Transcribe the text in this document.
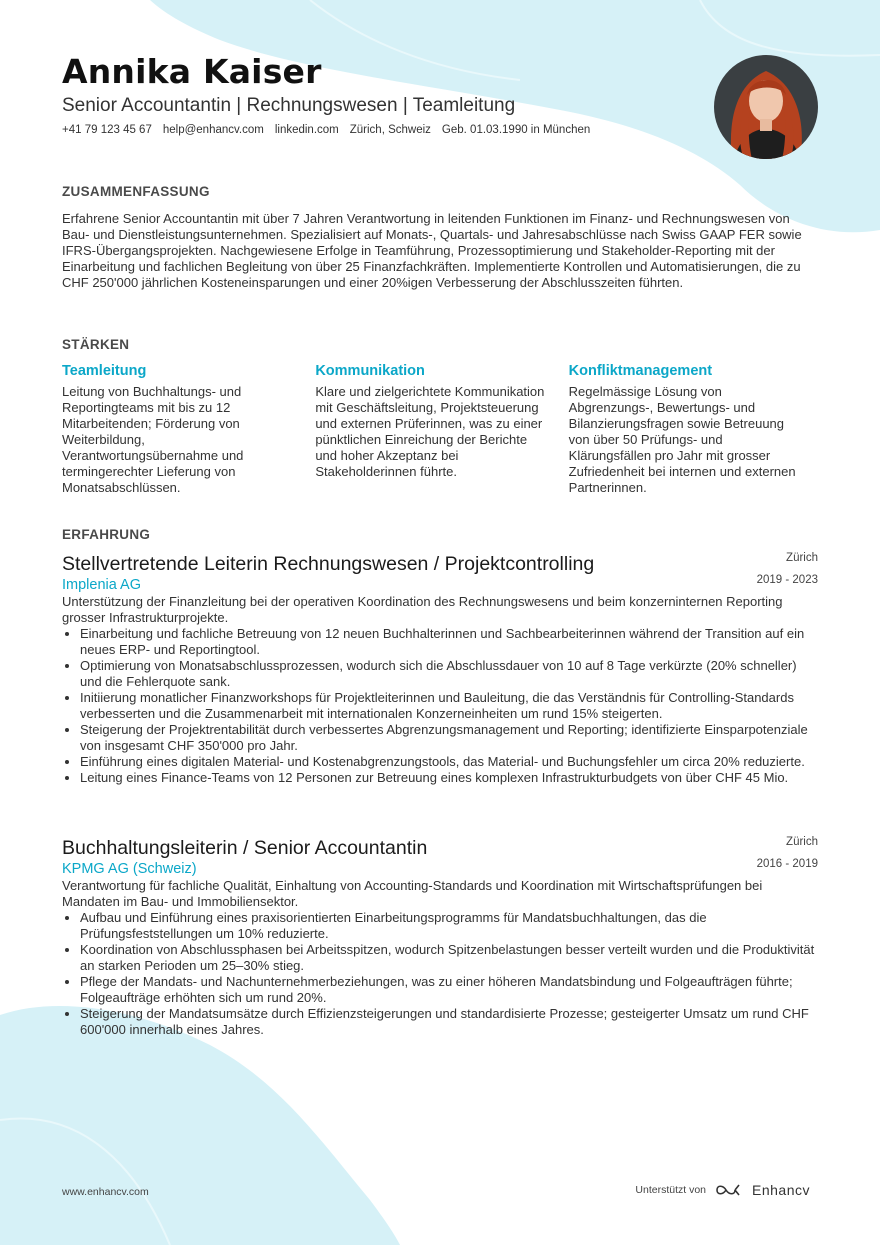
Annika Kaiser
Senior Accountantin | Rechnungswesen | Teamleitung
+41 79 123 45 67 help@enhancv.com linkedin.com Zürich, Schweiz Geb. 01.03.1990 in München
ZUSAMMENFASSUNG
Erfahrene Senior Accountantin mit über 7 Jahren Verantwortung in leitenden Funktionen im Finanz- und Rechnungswesen von Bau- und Dienstleistungsunternehmen. Spezialisiert auf Monats-, Quartals- und Jahresabschlüsse nach Swiss GAAP FER sowie IFRS-Übergangsprojekten. Nachgewiesene Erfolge in Teamführung, Prozessoptimierung und Stakeholder-Reporting mit der Einarbeitung und fachlichen Begleitung von über 25 Finanzfachkräften. Implementierte Kontrollen und Automatisierungen, die zu CHF 250'000 jährlichen Kosteneinsparungen und einer 20%igen Verbesserung der Abschlusszeiten führten.
STÄRKEN
Teamleitung
Leitung von Buchhaltungs- und Reportingteams mit bis zu 12 Mitarbeitenden; Förderung von Weiterbildung, Verantwortungsübernahme und termingerechter Lieferung von Monatsabschlüssen.
Kommunikation
Klare und zielgerichtete Kommunikation mit Geschäftsleitung, Projektsteuerung und externen Prüferinnen, was zu einer pünktlichen Einreichung der Berichte und hoher Akzeptanz bei Stakeholderinnen führte.
Konfliktmanagement
Regelmässige Lösung von Abgrenzungs-, Bewertungs- und Bilanzierungsfragen sowie Betreuung von über 50 Prüfungs- und Klärungsfällen pro Jahr mit grosser Zufriedenheit bei internen und externen Partnerinnen.
ERFAHRUNG
Stellvertretende Leiterin Rechnungswesen / Projektcontrolling
Implenia AG
Zürich
2019 - 2023
Unterstützung der Finanzleitung bei der operativen Koordination des Rechnungswesens und beim konzerninternen Reporting grosser Infrastrukturprojekte.
• Einarbeitung und fachliche Betreuung von 12 neuen Buchhalterinnen und Sachbearbeiterinnen während der Transition auf ein neues ERP- und Reportingtool.
• Optimierung von Monatsabschlussprozessen, wodurch sich die Abschlussdauer von 10 auf 8 Tage verkürzte (20% schneller) und die Fehlerquote sank.
• Initiierung monatlicher Finanzworkshops für Projektleiterinnen und Bauleitung, die das Verständnis für Controlling-Standards verbesserten und die Zusammenarbeit mit internationalen Konzerneinheiten um rund 15% steigerten.
• Steigerung der Projektrentabilität durch verbessertes Abgrenzungsmanagement und Reporting; identifizierte Einsparpotenziale von insgesamt CHF 350'000 pro Jahr.
• Einführung eines digitalen Material- und Kostenabgrenzungstools, das Material- und Buchungsfehler um circa 20% reduzierte.
• Leitung eines Finance-Teams von 12 Personen zur Betreuung eines komplexen Infrastrukturbudgets von über CHF 45 Mio.
Buchhaltungsleiterin / Senior Accountantin
KPMG AG (Schweiz)
Zürich
2016 - 2019
Verantwortung für fachliche Qualität, Einhaltung von Accounting-Standards und Koordination mit Wirtschaftsprüfungen bei Mandaten im Bau- und Immobiliensektor.
• Aufbau und Einführung eines praxisorientierten Einarbeitungsprogramms für Mandatsbuchhaltungen, das die Prüfungsfeststellungen um 10% reduzierte.
• Koordination von Abschlussphasen bei Arbeitsspitzen, wodurch Spitzenbelastungen besser verteilt wurden und die Produktivität an starken Perioden um 25–30% stieg.
• Pflege der Mandats- und Nachunternehmerbeziehungen, was zu einer höheren Mandatsbindung und Folgeaufträgen führte; Folgeaufträge erhöhten sich um rund 20%.
• Steigerung der Mandatsumsätze durch Effizienzsteigerungen und standardisierte Prozesse; gesteigerter Umsatz um rund CHF 600'000 innerhalb eines Jahres.
www.enhancv.com	Unterstützt von	Enhancv
